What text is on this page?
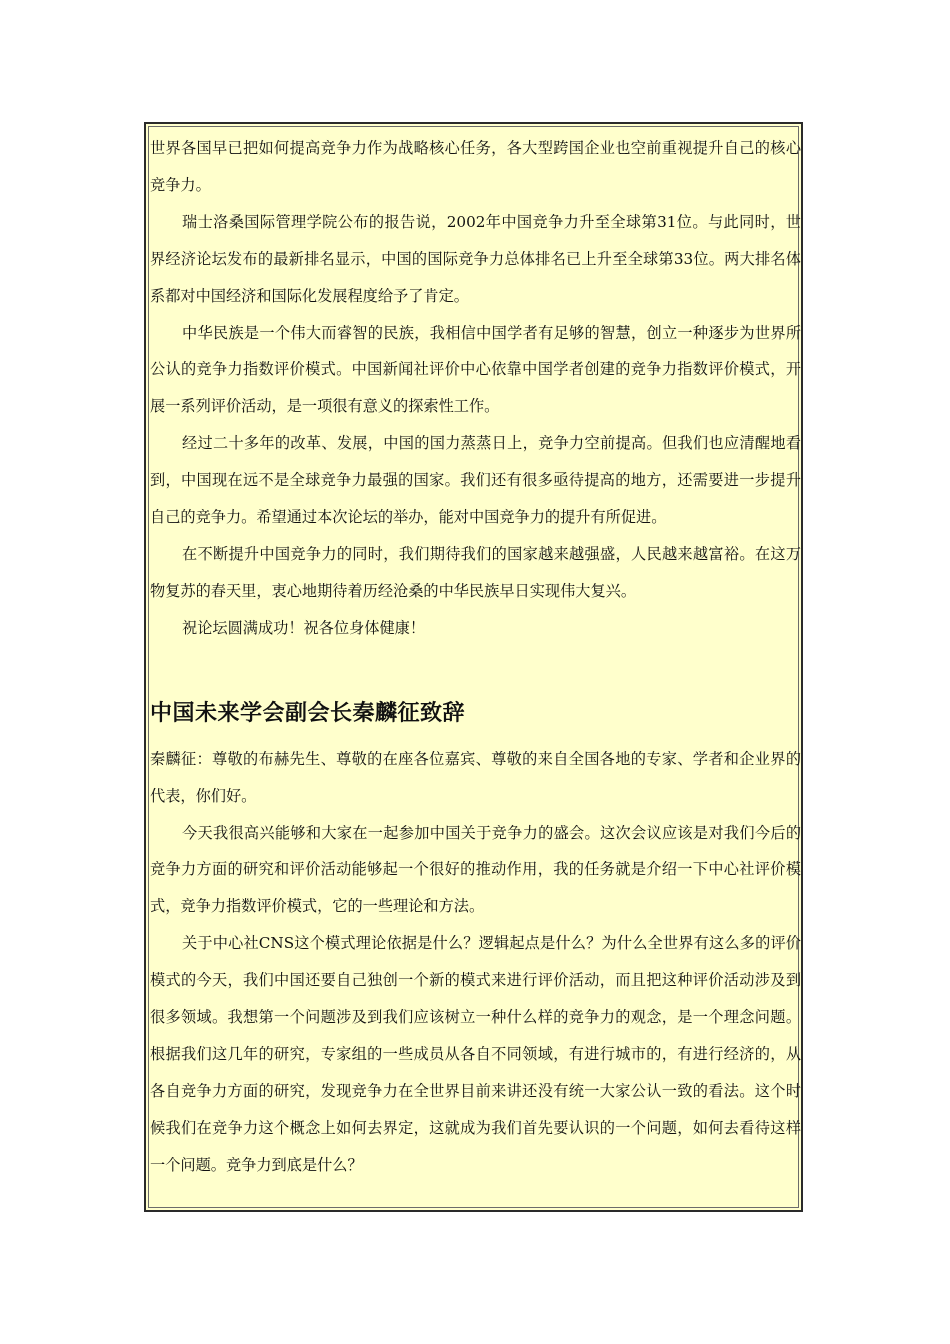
世界各国早已把如何提高竞争力作为战略核心任务，各大型跨国企业也空前重视提升自己的核心竞争力。

瑞士洛桑国际管理学院公布的报告说，2002年中国竞争力升至全球第31位。与此同时，世界经济论坛发布的最新排名显示，中国的国际竞争力总体排名已上升至全球第33位。两大排名体系都对中国经济和国际化发展程度给予了肯定。

中华民族是一个伟大而睿智的民族，我相信中国学者有足够的智慧，创立一种逐步为世界所公认的竞争力指数评价模式。中国新闻社评价中心依靠中国学者创建的竞争力指数评价模式，开展一系列评价活动，是一项很有意义的探索性工作。

经过二十多年的改革、发展，中国的国力蒸蒸日上，竞争力空前提高。但我们也应清醒地看到，中国现在远不是全球竞争力最强的国家。我们还有很多亟待提高的地方，还需要进一步提升自己的竞争力。希望通过本次论坛的举办，能对中国竞争力的提升有所促进。

在不断提升中国竞争力的同时，我们期待我们的国家越来越强盛，人民越来越富裕。在这万物复苏的春天里，衷心地期待着历经沧桑的中华民族早日实现伟大复兴。

祝论坛圆满成功！祝各位身体健康！

中国未来学会副会长秦麟征致辞

秦麟征：尊敬的布赫先生、尊敬的在座各位嘉宾、尊敬的来自全国各地的专家、学者和企业界的代表，你们好。

今天我很高兴能够和大家在一起参加中国关于竞争力的盛会。这次会议应该是对我们今后的竞争力方面的研究和评价活动能够起一个很好的推动作用，我的任务就是介绍一下中心社评价模式，竞争力指数评价模式，它的一些理论和方法。

关于中心社CNS这个模式理论依据是什么？逻辑起点是什么？为什么全世界有这么多的评价模式的今天，我们中国还要自己独创一个新的模式来进行评价活动，而且把这种评价活动涉及到很多领域。我想第一个问题涉及到我们应该树立一种什么样的竞争力的观念，是一个理念问题。根据我们这几年的研究，专家组的一些成员从各自不同领域，有进行城市的，有进行经济的，从各自竞争力方面的研究，发现竞争力在全世界目前来讲还没有统一大家公认一致的看法。这个时候我们在竞争力这个概念上如何去界定，这就成为我们首先要认识的一个问题，如何去看待这样一个问题。竞争力到底是什么？
